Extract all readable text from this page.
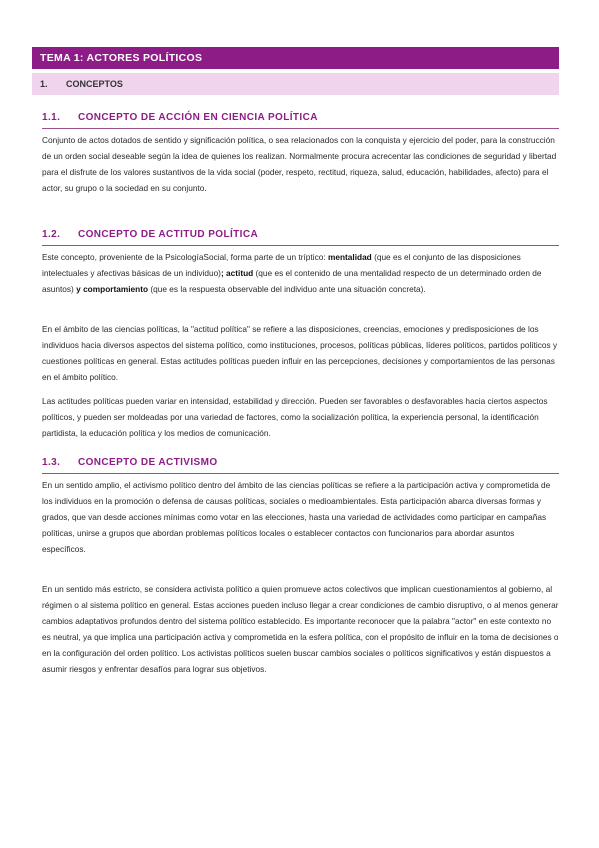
TEMA 1: ACTORES POLÍTICOS
1. CONCEPTOS
1.1. CONCEPTO DE ACCIÓN EN CIENCIA POLÍTICA

Conjunto de actos dotados de sentido y significación política, o sea relacionados con la conquista y ejercicio del poder, para la construcción de un orden social deseable según la idea de quienes los realizan. Normalmente procura acrecentar las condiciones de seguridad y libertad para el disfrute de los valores sustantivos de la vida social (poder, respeto, rectitud, riqueza, salud, educación, habilidades, afecto) para el actor, su grupo o la sociedad en su conjunto.

1.2. CONCEPTO DE ACTITUD POLÍTICA

Este concepto, proveniente de la PsicologíaSocial, forma parte de un tríptico: mentalidad (que es el conjunto de las disposiciones intelectuales y afectivas básicas de un individuo); actitud (que es el contenido de una mentalidad respecto de un determinado orden de asuntos) y comportamiento (que es la respuesta observable del individuo ante una situación concreta).

En el ámbito de las ciencias políticas, la "actitud política" se refiere a las disposiciones, creencias, emociones y predisposiciones de los individuos hacia diversos aspectos del sistema político, como instituciones, procesos, políticas públicas, líderes políticos, partidos políticos y cuestiones políticas en general. Estas actitudes políticas pueden influir en las percepciones, decisiones y comportamientos de las personas en el ámbito político.

Las actitudes políticas pueden variar en intensidad, estabilidad y dirección. Pueden ser favorables o desfavorables hacia ciertos aspectos políticos, y pueden ser moldeadas por una variedad de factores, como la socialización política, la experiencia personal, la identificación partidista, la educación política y los medios de comunicación.

1.3. CONCEPTO DE ACTIVISMO

En un sentido amplio, el activismo político dentro del ámbito de las ciencias políticas se refiere a la participación activa y comprometida de los individuos en la promoción o defensa de causas políticas, sociales o medioambientales. Esta participación abarca diversas formas y grados, que van desde acciones mínimas como votar en las elecciones, hasta una variedad de actividades como participar en campañas políticas, unirse a grupos que abordan problemas políticos locales o establecer contactos con funcionarios para abordar asuntos específicos.

En un sentido más estricto, se considera activista político a quien promueve actos colectivos que implican cuestionamientos al gobierno, al régimen o al sistema político en general. Estas acciones pueden incluso llegar a crear condiciones de cambio disruptivo, o al menos generar cambios adaptativos profundos dentro del sistema político establecido. Es importante reconocer que la palabra "actor" en este contexto no es neutral, ya que implica una participación activa y comprometida en la esfera política, con el propósito de influir en la toma de decisiones o en la configuración del orden político. Los activistas políticos suelen buscar cambios sociales o políticos significativos y están dispuestos a asumir riesgos y enfrentar desafíos para lograr sus objetivos.
